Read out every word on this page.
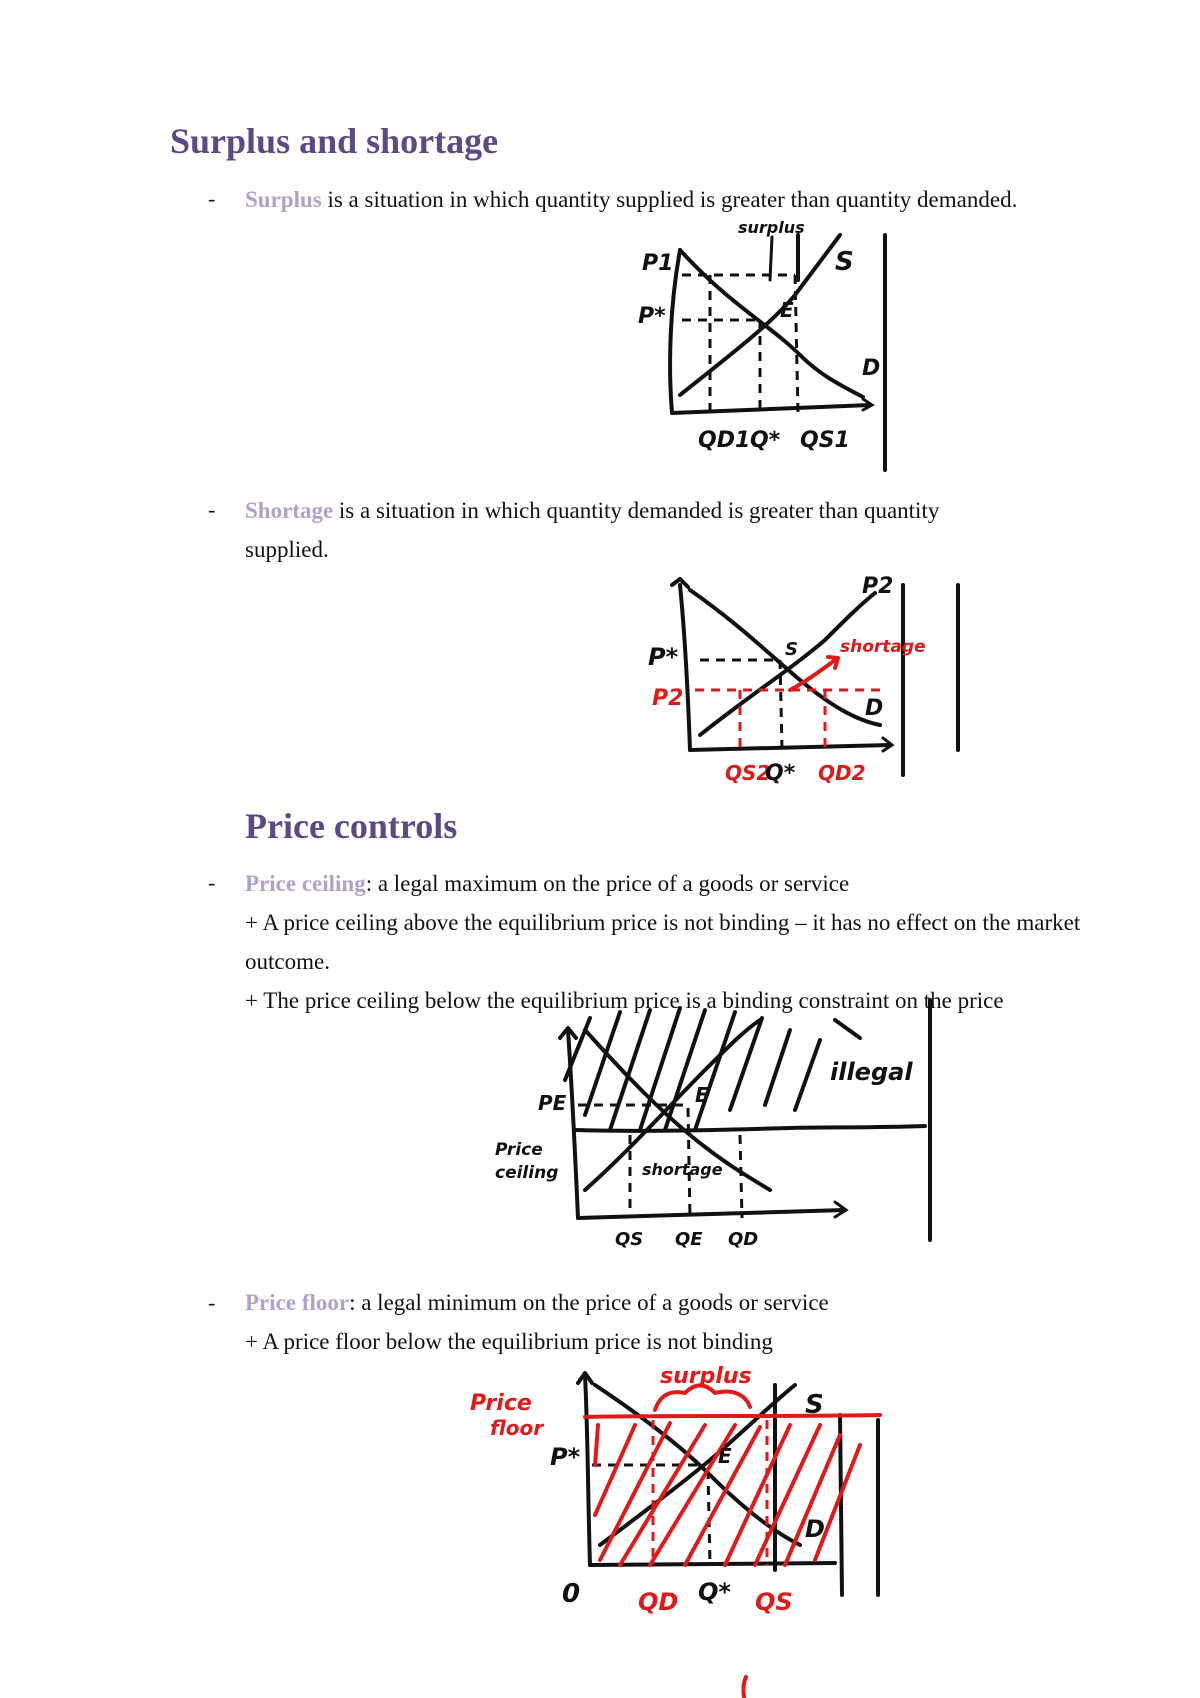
Surplus and shortage
- Surplus is a situation in which quantity supplied is greater than quantity demanded.
P1
P*
surplus
S
E
D
QD1 Q* QS1
- Shortage is a situation in which quantity demanded is greater than quantity supplied.
P*	S
P2
D
P2
shortage
QS2
Q* QD2
Price controls
- Price ceiling: a legal maximum on the price of a goods or service
+ A price ceiling above the equilibrium price is not binding – it has no effect on the market outcome.
+ The price ceiling below the equilibrium price is a binding constraint on the price
PE	E
Price
ceiling	shortage
illegal
QS QE QD
- Price floor: a legal minimum on the price of a goods or service
+ A price floor below the equilibrium price is not binding
Price
floor
surplus
S
P*	E
D
0 QD Q* QS
